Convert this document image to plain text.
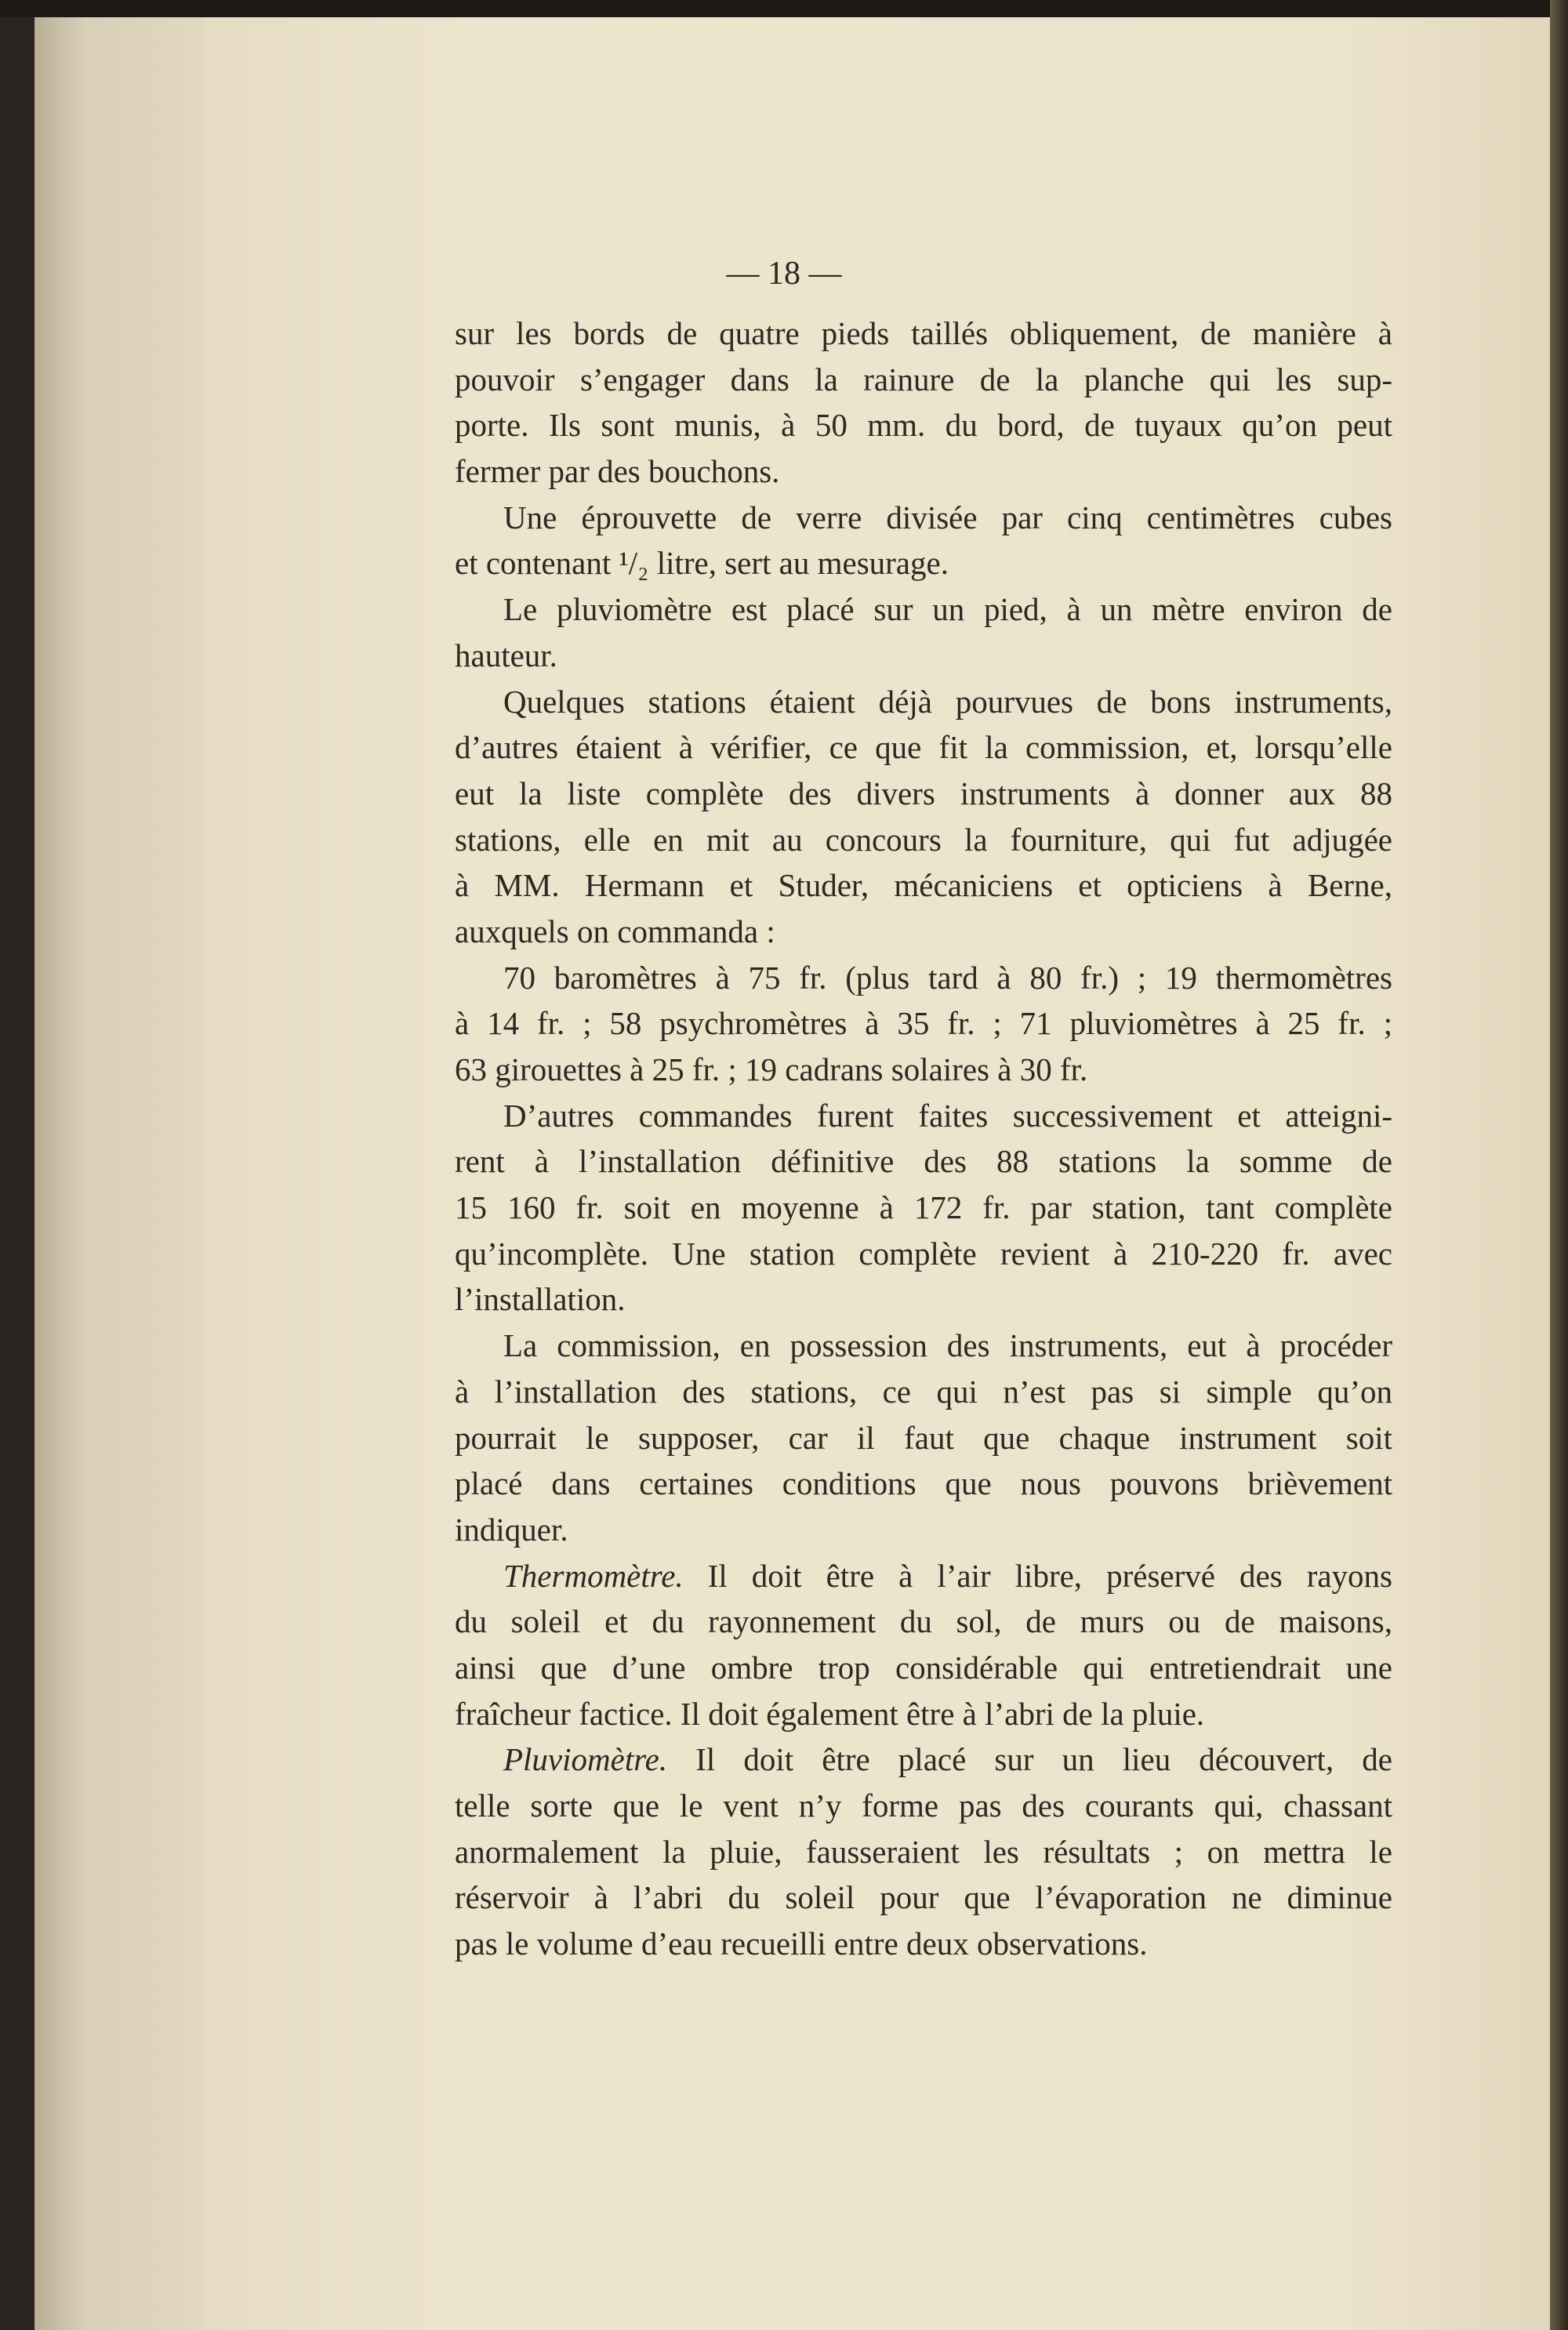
— 18 —
sur les bords de quatre pieds taillés obliquement, de manière à
pouvoir s’engager dans la rainure de la planche qui les sup-
porte. Ils sont munis, à 50 mm. du bord, de tuyaux qu’on peut
fermer par des bouchons.
Une éprouvette de verre divisée par cinq centimètres cubes
et contenant ¹/₂ litre, sert au mesurage.
Le pluviomètre est placé sur un pied, à un mètre environ de
hauteur.
Quelques stations étaient déjà pourvues de bons instruments,
d’autres étaient à vérifier, ce que fit la commission, et, lorsqu’elle
eut la liste complète des divers instruments à donner aux 88
stations, elle en mit au concours la fourniture, qui fut adjugée
à MM. Hermann et Studer, mécaniciens et opticiens à Berne,
auxquels on commanda :
70 baromètres à 75 fr. (plus tard à 80 fr.) ; 19 thermomètres
à 14 fr. ; 58 psychromètres à 35 fr. ; 71 pluviomètres à 25 fr. ;
63 girouettes à 25 fr. ; 19 cadrans solaires à 30 fr.
D’autres commandes furent faites successivement et atteigni-
rent à l’installation définitive des 88 stations la somme de
15 160 fr. soit en moyenne à 172 fr. par station, tant complète
qu’incomplète. Une station complète revient à 210-220 fr. avec
l’installation.
La commission, en possession des instruments, eut à procéder
à l’installation des stations, ce qui n’est pas si simple qu’on
pourrait le supposer, car il faut que chaque instrument soit
placé dans certaines conditions que nous pouvons brièvement
indiquer.
Thermomètre. Il doit être à l’air libre, préservé des rayons
du soleil et du rayonnement du sol, de murs ou de maisons,
ainsi que d’une ombre trop considérable qui entretiendrait une
fraîcheur factice. Il doit également être à l’abri de la pluie.
Pluviomètre. Il doit être placé sur un lieu découvert, de
telle sorte que le vent n’y forme pas des courants qui, chassant
anormalement la pluie, fausseraient les résultats ; on mettra le
réservoir à l’abri du soleil pour que l’évaporation ne diminue
pas le volume d’eau recueilli entre deux observations.
